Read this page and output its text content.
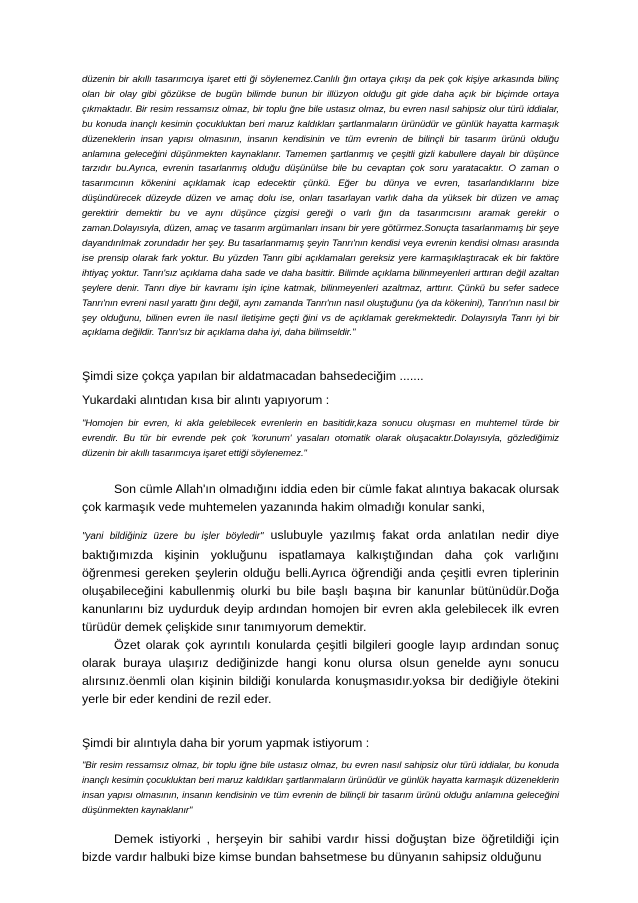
düzenin bir akıllı tasarımcıya işaret etti ği söylenemez.Canlılı ğın ortaya çıkışı da pek çok kişiye arkasında bilinç olan bir olay gibi gözükse de bugün bilimde bunun bir illüzyon olduğu git gide daha açık bir biçimde ortaya çıkmaktadır. Bir resim ressamsız olmaz, bir toplu ğne bile ustasız olmaz, bu evren nasıl sahipsiz olur türü iddialar, bu konuda inançlı kesimin çocukluktan beri maruz kaldıkları şartlanmaların ürünüdür ve günlük hayatta karmaşık düzeneklerin insan yapısı olmasının, insanın kendisinin ve tüm evrenin de bilinçli bir tasarım ürünü olduğu anlamına geleceğini düşünmekten kaynaklanır. Tamemen şartlanmış ve çeşitli gizli kabullere dayalı bir düşünce tarzıdır bu.Ayrıca, evrenin tasarlanmış olduğu düşünülse bile bu cevaptan çok soru yaratacaktır. O zaman o tasarımcının kökenini açıklamak icap edecektir çünkü. Eğer bu dünya ve evren, tasarlandıklarını bize düşündürecek düzeyde düzen ve amaç dolu ise, onları tasarlayan varlık daha da yüksek bir düzen ve amaç gerektirir demektir bu ve aynı düşünce çizgisi gereği o varlı ğın da tasarımcısını aramak gerekir o zaman.Dolayısıyla, düzen, amaç ve tasarım argümanları insanı bir yere götürmez.Sonuçta tasarlanmamış bir şeye dayandırılmak zorundadır her şey. Bu tasarlanmamış şeyin Tanrı'nın kendisi veya evrenin kendisi olması arasında ise prensip olarak fark yoktur. Bu yüzden Tanrı gibi açıklamaları gereksiz yere karmaşıklaştıracak ek bir faktöre ihtiyaç yoktur. Tanrı'sız açıklama daha sade ve daha basittir. Bilimde açıklama bilinmeyenleri arttıran değil azaltan şeylere denir. Tanrı diye bir kavramı işin içine katmak, bilinmeyenleri azaltmaz, arttırır. Çünkü bu sefer sadece Tanrı'nın evreni nasıl yarattı ğını değil, aynı zamanda Tanrı'nın nasıl oluştuğunu (ya da kökenini), Tanrı'nın nasıl bir şey olduğunu, bilinen evren ile nasıl iletişime geçti ğini vs de açıklamak gerekmektedir. Dolayısıyla Tanrı iyi bir açıklama değildir. Tanrı'sız bir açıklama daha iyi, daha bilimseldir."

Şimdi size çokça yapılan bir aldatmacadan bahsedeciğim .......

Yukardaki alıntıdan kısa bir alıntı yapıyorum :

"Homojen bir evren, ki akla gelebilecek evrenlerin en basitidir,kaza sonucu oluşması en muhtemel türde bir evrendir. Bu tür bir evrende pek çok 'korunum' yasaları otomatik olarak oluşacaktır.Dolayısıyla, gözlediğimiz düzenin bir akıllı tasarımcıya işaret ettiği söylenemez."

Son cümle Allah'ın olmadığını iddia eden bir cümle fakat alıntıya bakacak olursak çok karmaşık vede muhtemelen yazanında hakim olmadığı konular sanki,

"yani bildiğiniz üzere bu işler böyledir" uslubuyle yazılmış fakat orda anlatılan nedir diye baktığımızda kişinin yokluğunu ispatlamaya kalkıştığından daha çok varlığını öğrenmesi gereken şeylerin olduğu belli.Ayrıca öğrendiği anda çeşitli evren tiplerinin oluşabileceğini kabullenmiş olurki bu bile başlı başına bir kanunlar bütünüdür.Doğa kanunlarını biz uydurduk deyip ardından homojen bir evren akla gelebilecek ilk evren türüdür demek çelişkide sınır tanımıyorum demektir.

Özet olarak çok ayrıntılı konularda çeşitli bilgileri google layıp ardından sonuç olarak buraya ulaşırız dediğinizde hangi konu olursa olsun genelde aynı sonucu alırsınız.öenmli olan kişinin bildiği konularda konuşmasıdır.yoksa bir dediğiyle ötekini yerle bir eder kendini de rezil eder.

Şimdi bir alıntıyla daha bir yorum yapmak istiyorum :

"Bir resim ressamsız olmaz, bir toplu iğne bile ustasız olmaz, bu evren nasıl sahipsiz olur türü iddialar, bu konuda inançlı kesimin çocukluktan beri maruz kaldıkları şartlanmaların ürünüdür ve günlük hayatta karmaşık düzeneklerin insan yapısı olmasının, insanın kendisinin ve tüm evrenin de bilinçli bir tasarım ürünü olduğu anlamına geleceğini düşünmekten kaynaklanır"

Demek istiyorki , herşeyin bir sahibi vardır hissi doğuştan bize öğretildiği için bizde vardır halbuki bize kimse bundan bahsetmese bu dünyanın sahipsiz olduğunu
